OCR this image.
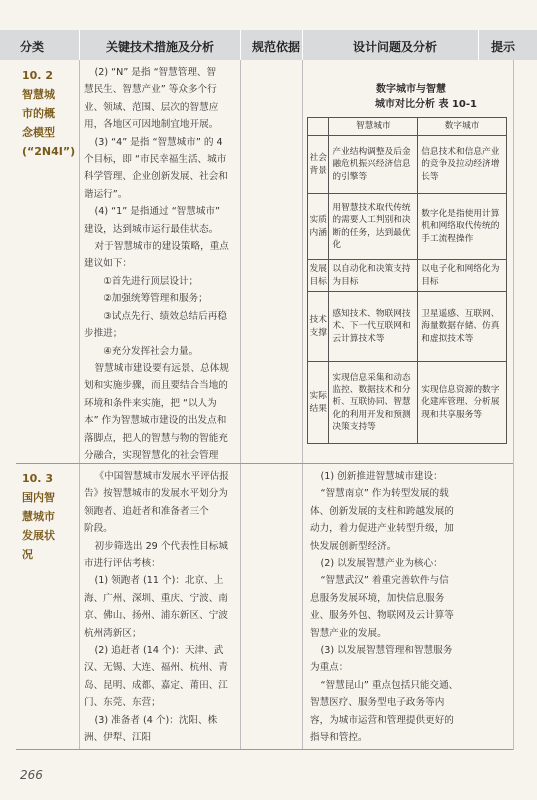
分类	关键技术措施及分析	规范依据	设计问题及分析	提示
10. 2
智慧城
市的概
念模型
(“2N4I”)

(2) “N” 是指 “智慧管理、智

慧民生、智慧产业” 等众多个行

业、领域、范围、层次的智慧应

用，各地区可因地制宜地开展。

(3) “4” 是指 “智慧城市” 的 4

个目标，即 “市民幸福生活、城市

科学管理、企业创新发展、社会和

谐运行”。

(4) “1” 是指通过 “智慧城市”

建设，达到城市运行最佳状态。

对于智慧城市的建设策略，重点

建议如下：

①首先进行顶层设计；

②加强统筹管理和服务；

③试点先行、绩效总结后再稳

步推进；

④充分发挥社会力量。

智慧城市建设要有远景、总体规

划和实施步骤，而且要结合当地的

环境和条件来实施，把 “以人为

本” 作为智慧城市建设的出发点和

落脚点，把人的智慧与物的智能充

分融合，实现智慧化的社会管理

数字城市与智慧
城市对比分析 表 10-1
	智慧城市	数字城市
社会背景	产业结构调整及后金融危机振兴经济信息的引擎等	信息技术和信息产业的竞争及拉动经济增长等
实质内涵	用智慧技术取代传统的需要人工判别和决断的任务，达到最优化	数字化是指使用计算机和网络取代传统的手工流程操作
发展目标	以自动化和决策支持为目标	以电子化和网络化为目标
技术支撑	感知技术、物联网技术、下一代互联网和云计算技术等	卫星遥感、互联网、海量数据存储、仿真和虚拟技术等
实际结果	实现信息采集和动态监控、数据技术和分析、互联协同、智慧化的利用开发和预测决策支持等	实现信息资源的数字化建库管理、分析展现和共享服务等
10. 3
国内智
慧城市
发展状
况

《中国智慧城市发展水平评估报

告》按智慧城市的发展水平划分为

领跑者、追赶者和准备者三个

阶段。

初步筛选出 29 个代表性目标城

市进行评估考核：

(1) 领跑者 (11 个)：北京、上

海、广州、深圳、重庆、宁波、南

京、佛山、扬州、浦东新区、宁波

杭州湾新区；

(2) 追赶者 (14 个)：天津、武

汉、无锡、大连、福州、杭州、青

岛、昆明、成都、嘉定、莆田、江

门、东莞、东营；

(3) 准备者 (4 个)：沈阳、株

洲、伊犁、江阳

(1) 创新推进智慧城市建设：

“智慧南京” 作为转型发展的载

体、创新发展的支柱和跨越发展的

动力，着力促进产业转型升级，加

快发展创新型经济。

(2) 以发展智慧产业为核心：

“智慧武汉” 着重完善软件与信

息服务发展环境，加快信息服务

业、服务外包、物联网及云计算等

智慧产业的发展。

(3) 以发展智慧管理和智慧服务

为重点：

“智慧昆山” 重点包括只能交通、

智慧医疗、服务型电子政务等内

容，为城市运营和管理提供更好的

指导和管控。

266
